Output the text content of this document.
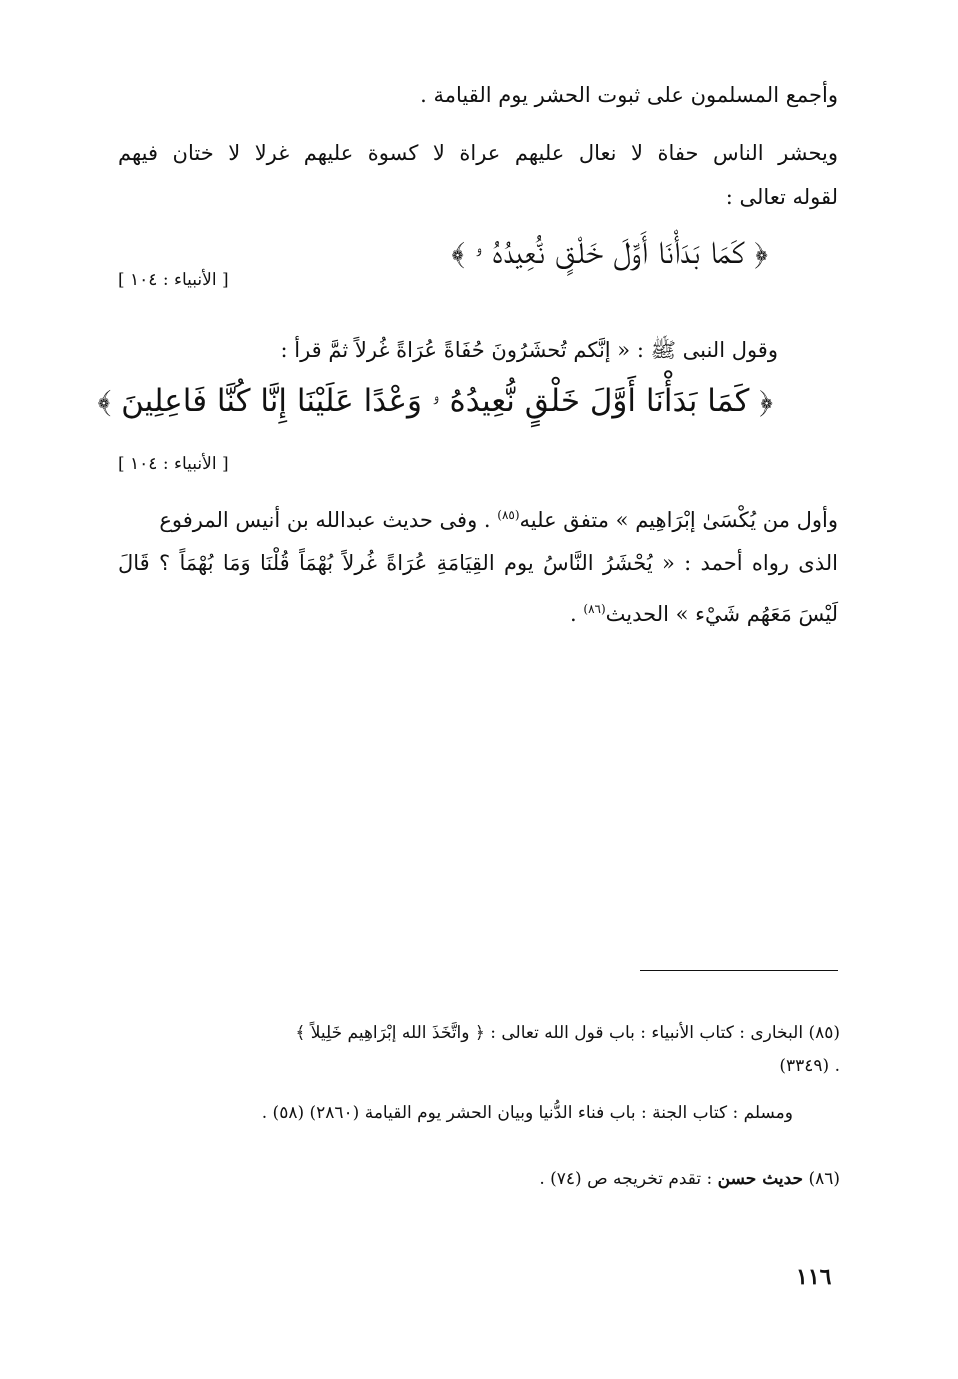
وأجمع المسلمون على ثبوت الحشر يوم القيامة .
ويحشر الناس حفاة لا نعال عليهم عراة لا كسوة عليهم غرلا لا ختان فيهم
لقوله تعالى :
﴿ كَمَا بَدَأْنَا أَوَّلَ خَلْقٍ نُّعِيدُهُ ۥ ﴾
[ الأنبياء : ١٠٤ ]
وقول النبى ﷺ : « إنَّكم تُحشَرُونَ حُفَاةً عُرَاةً غُرلاً ثمَّ قرأ :
﴿ كَمَا بَدَأْنَا أَوَّلَ خَلْقٍ نُّعِيدُهُ ۥ وَعْدًا عَلَيْنَا إِنَّا كُنَّا فَاعِلِينَ ﴾
[ الأنبياء : ١٠٤ ]
وأول من يُكْسَىٰ إبْرَاهِيم » متفق عليه$^{(٨٥)}$ . وفى حديث عبدالله بن أنيس المرفوع
الذى رواه أحمد : « يُحْشَرُ النَّاسُ يوم القِيَامَةِ عُرَاةً غُرلاً بُهْمَاً قُلْنَا وَمَا بُهْمَاً ؟ قَالَ
لَيْسَ مَعَهُم شَيْء » الحديث$^{(٨٦)}$ .
(٨٥) البخارى : كتاب الأنبياء : باب قول الله تعالى : ﴿ واتَّخَذَ الله إبْرَاهِيم خَلِيلاً ﴾
. (٣٣٤٩)
ومسلم : كتاب الجنة : باب فناء الدُّنيا وبيان الحشر يوم القيامة (٢٨٦٠) (٥٨) .
(٨٦) حديث حسن : تقدم تخريجه ص (٧٤) .
١١٦
